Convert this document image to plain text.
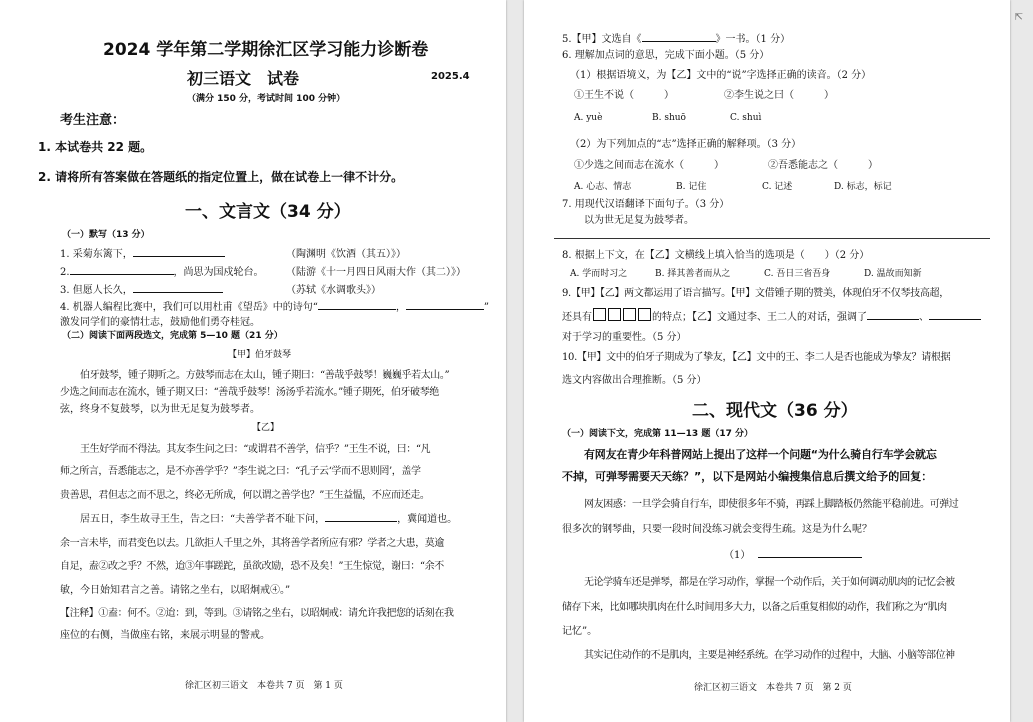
2024 学年第二学期徐汇区学习能力诊断卷
初三语文　试卷	2025.4
（满分 150 分，考试时间 100 分钟）
考生注意：
1. 本试卷共 22 题。
2. 请将所有答案做在答题纸的指定位置上，做在试卷上一律不计分。
一、文言文（34 分）
（一）默写（13 分）
1. 采菊东篱下，	（陶渊明《饮酒（其五）》）
2.	，尚思为国戍轮台。 （陆游《十一月四日风雨大作（其二）》）
3. 但愿人长久，	（苏轼《水调歌头》）
4. 机器人编程比赛中，我们可以用杜甫《望岳》中的诗句“	，	”
激发同学们的豪情壮志，鼓励他们勇夺桂冠。
（二）阅读下面两段选文，完成第 5—10 题（21 分）
【甲】伯牙鼓琴
伯牙鼓琴，锺子期听之。方鼓琴而志在太山，锺子期曰：“善哉乎鼓琴！巍巍乎若太山。”
少选之间而志在流水，锺子期又曰：“善哉乎鼓琴！汤汤乎若流水。”锺子期死，伯牙破琴绝
弦，终身不复鼓琴，以为世无足复为鼓琴者。
【乙】
王生好学而不得法。其友李生问之曰：“或谓君不善学，信乎？”王生不说，曰：“凡
师之所言，吾悉能志之，是不亦善学乎？”李生说之曰：“孔子云‘学而不思则罔’，盖学
贵善思，君但志之而不思之，终必无所成，何以谓之善学也？”王生益愠，不应而还走。
居五日，李生故寻王生，告之曰：“夫善学者不耻下问，	，冀闻道也。
余一言未毕，而君变色以去。几欲拒人千里之外，其将善学者所应有邪？学者之大患，莫逾
自足，盍②改之乎？不然，迨③年事蹉跎，虽欲改励，恐不及矣！”王生惊觉，谢曰：“余不
敏，今日始知君言之善。请铭之坐右，以昭炯戒④。”
【注释】①盍：何不。②迨：到，等到。③请铭之坐右，以昭炯戒：请允许我把您的话刻在我
座位的右侧，当做座右铭，来展示明显的警戒。
徐汇区初三语文　本卷共 7 页　第 1 页
5.【甲】文选自《	》一书。（1 分）
6. 理解加点词的意思，完成下面小题。（5 分）
（1）根据语境义，为【乙】文中的“说”字选择正确的读音。（2 分）
①王生不说（　　　）	②李生说之曰（　　　）
A. yuè	B. shuō	C. shuì
（2）为下列加点的“志”选择正确的解释项。（3 分）
①少选之间而志在流水（　　　）	②吾悉能志之（　　　）
A. 心志、情志	B. 记住	C. 记述	D. 标志，标记
7. 用现代汉语翻译下面句子。（3 分）
以为世无足复为鼓琴者。
8. 根据上下文，在【乙】文横线上填入恰当的选项是（　　）（2 分）
A. 学而时习之	B. 择其善者而从之	C. 吾日三省吾身	D. 温故而知新
9.【甲】【乙】两文都运用了语言描写。【甲】文借锺子期的赞美，体现伯牙不仅琴技高超，
还具有	的特点；【乙】文通过李、王二人的对话，强调了	、
对于学习的重要性。（5 分）
10.【甲】文中的伯牙子期成为了挚友，【乙】文中的王、李二人是否也能成为挚友？请根据
选文内容做出合理推断。（5 分）
二、现代文（36 分）
（一）阅读下文，完成第 11—13 题（17 分）
有网友在青少年科普网站上提出了这样一个问题“为什么骑自行车学会就忘
不掉，可弹琴需要天天练？”，以下是网站小编搜集信息后撰文给予的回复：
网友困惑：一旦学会骑自行车，即使很多年不骑，再踩上脚踏板仍然能平稳前进。可弹过
很多次的钢琴曲，只要一段时间没练习就会变得生疏。这是为什么呢？
（1）
无论学骑车还是弹琴，都是在学习动作，掌握一个动作后，关于如何调动肌肉的记忆会被
储存下来，比如哪块肌肉在什么时间用多大力，以备之后重复相似的动作，我们称之为“肌肉
记忆”。
其实记住动作的不是肌肉，主要是神经系统。在学习动作的过程中，大脑、小脑等部位神
徐汇区初三语文　本卷共 7 页　第 2 页
⇱
